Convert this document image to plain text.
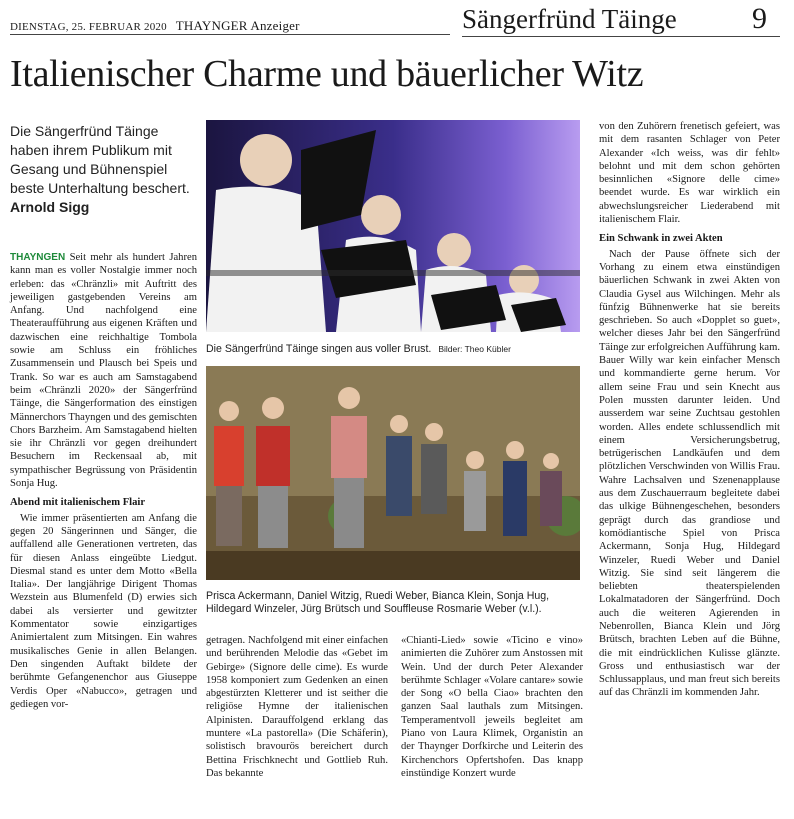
DIENSTAG, 25. FEBRUAR 2020 THAYNGER Anzeiger	Sängerfründ Täinge	9
Italienischer Charme und bäuerlicher Witz
Die Sängerfründ Täinge haben ihrem Publikum mit Gesang und Bühnenspiel beste Unterhaltung beschert. Arnold Sigg

THAYNGEN Seit mehr als hundert Jahren kann man es voller Nostalgie immer noch erleben: das «Chränzli» mit Auftritt des jeweiligen gastgebenden Vereins am Anfang. Und nachfolgend eine Theateraufführung aus eigenen Kräften und dazwischen eine reichhaltige Tombola sowie am Schluss ein fröhliches Zusammensein und Plausch bei Speis und Trank. So war es auch am Samstagabend beim «Chränzli 2020» der Sängerfründ Täinge, die Sängerformation des einstigen Männerchors Thayngen und des gemischten Chors Barzheim. Am Samstagabend hielten sie ihr Chränzli vor gegen dreihundert Besuchern im Reckensaal ab, mit sympathischer Begrüssung von Präsidentin Sonja Hug.

Abend mit italienischem Flair

Wie immer präsentierten am Anfang die gegen 20 Sängerinnen und Sänger, die auffallend alle Generationen vertreten, das für diesen Anlass eingeübte Liedgut. Diesmal stand es unter dem Motto «Bella Italia». Der langjährige Dirigent Thomas Wezstein aus Blumenfeld (D) erwies sich dabei als versierter und gewitzter Kommentator sowie einzigartiges Animiertalent zum Mitsingen. Ein wahres musikalisches Genie in allen Belangen. Den singenden Auftakt bildete der berühmte Gefangenenchor aus Giuseppe Verdis Oper «Nabucco», getragen und gediegen vor-

Die Sängerfründ Täinge singen aus voller Brust. Bilder: Theo Kübler
Prisca Ackermann, Daniel Witzig, Ruedi Weber, Bianca Klein, Sonja Hug, Hildegard Winzeler, Jürg Brütsch und Souffleuse Rosmarie Weber (v.l.).

getragen. Nachfolgend mit einer einfachen und berührenden Melodie das «Gebet im Gebirge» (Signore delle cime). Es wurde 1958 komponiert zum Gedenken an einen abgestürzten Kletterer und ist seither die religiöse Hymne der italienischen Alpinisten. Darauffolgend erklang das muntere «La pastorella» (Die Schäferin), solistisch bravourös bereichert durch Bettina Frischknecht und Gottlieb Ruh. Das bekannte

«Chianti-Lied» sowie «Ticino e vino» animierten die Zuhörer zum Anstossen mit Wein. Und der durch Peter Alexander berühmte Schlager «Volare cantare» sowie der Song «O bella Ciao» brachten den ganzen Saal lauthals zum Mitsingen. Temperamentvoll jeweils begleitet am Piano von Laura Klimek, Organistin an der Thaynger Dorfkirche und Leiterin des Kirchenchors Opfertshofen. Das knapp einstündige Konzert wurde

von den Zuhörern frenetisch gefeiert, was mit dem rasanten Schlager von Peter Alexander «Ich weiss, was dir fehlt» belohnt und mit dem schon gehörten besinnlichen «Signore delle cime» beendet wurde. Es war wirklich ein abwechslungsreicher Liederabend mit italienischem Flair.

Ein Schwank in zwei Akten

Nach der Pause öffnete sich der Vorhang zu einem etwa einstündigen bäuerlichen Schwank in zwei Akten von Claudia Gysel aus Wilchingen. Mehr als fünfzig Bühnenwerke hat sie bereits geschrieben. So auch «Dopplet so guet», welcher dieses Jahr bei den Sängerfründ Täinge zur erfolgreichen Aufführung kam. Bauer Willy war kein einfacher Mensch und kommandierte gerne herum. Vor allem seine Frau und sein Knecht aus Polen mussten darunter leiden. Und ausserdem war seine Zuchtsau gestohlen worden. Alles endete schlussendlich mit einem Versicherungsbetrug, betrügerischen Landkäufen und dem plötzlichen Verschwinden von Willis Frau. Wahre Lachsalven und Szenenapplause aus dem Zuschauerraum begleitete dabei das ulkige Bühnengeschehen, besonders geprägt durch das grandiose und komödiantische Spiel von Prisca Ackermann, Sonja Hug, Hildegard Winzeler, Ruedi Weber und Daniel Witzig. Sie sind seit längerem die beliebten theaterspielenden Lokalmatadoren der Sängerfründ. Doch auch die weiteren Agierenden in Nebenrollen, Bianca Klein und Jörg Brütsch, brachten Leben auf die Bühne, die mit eindrücklichen Kulisse glänzte. Gross und enthusiastisch war der Schlussapplaus, und man freut sich bereits auf das Chränzli im kommenden Jahr.
